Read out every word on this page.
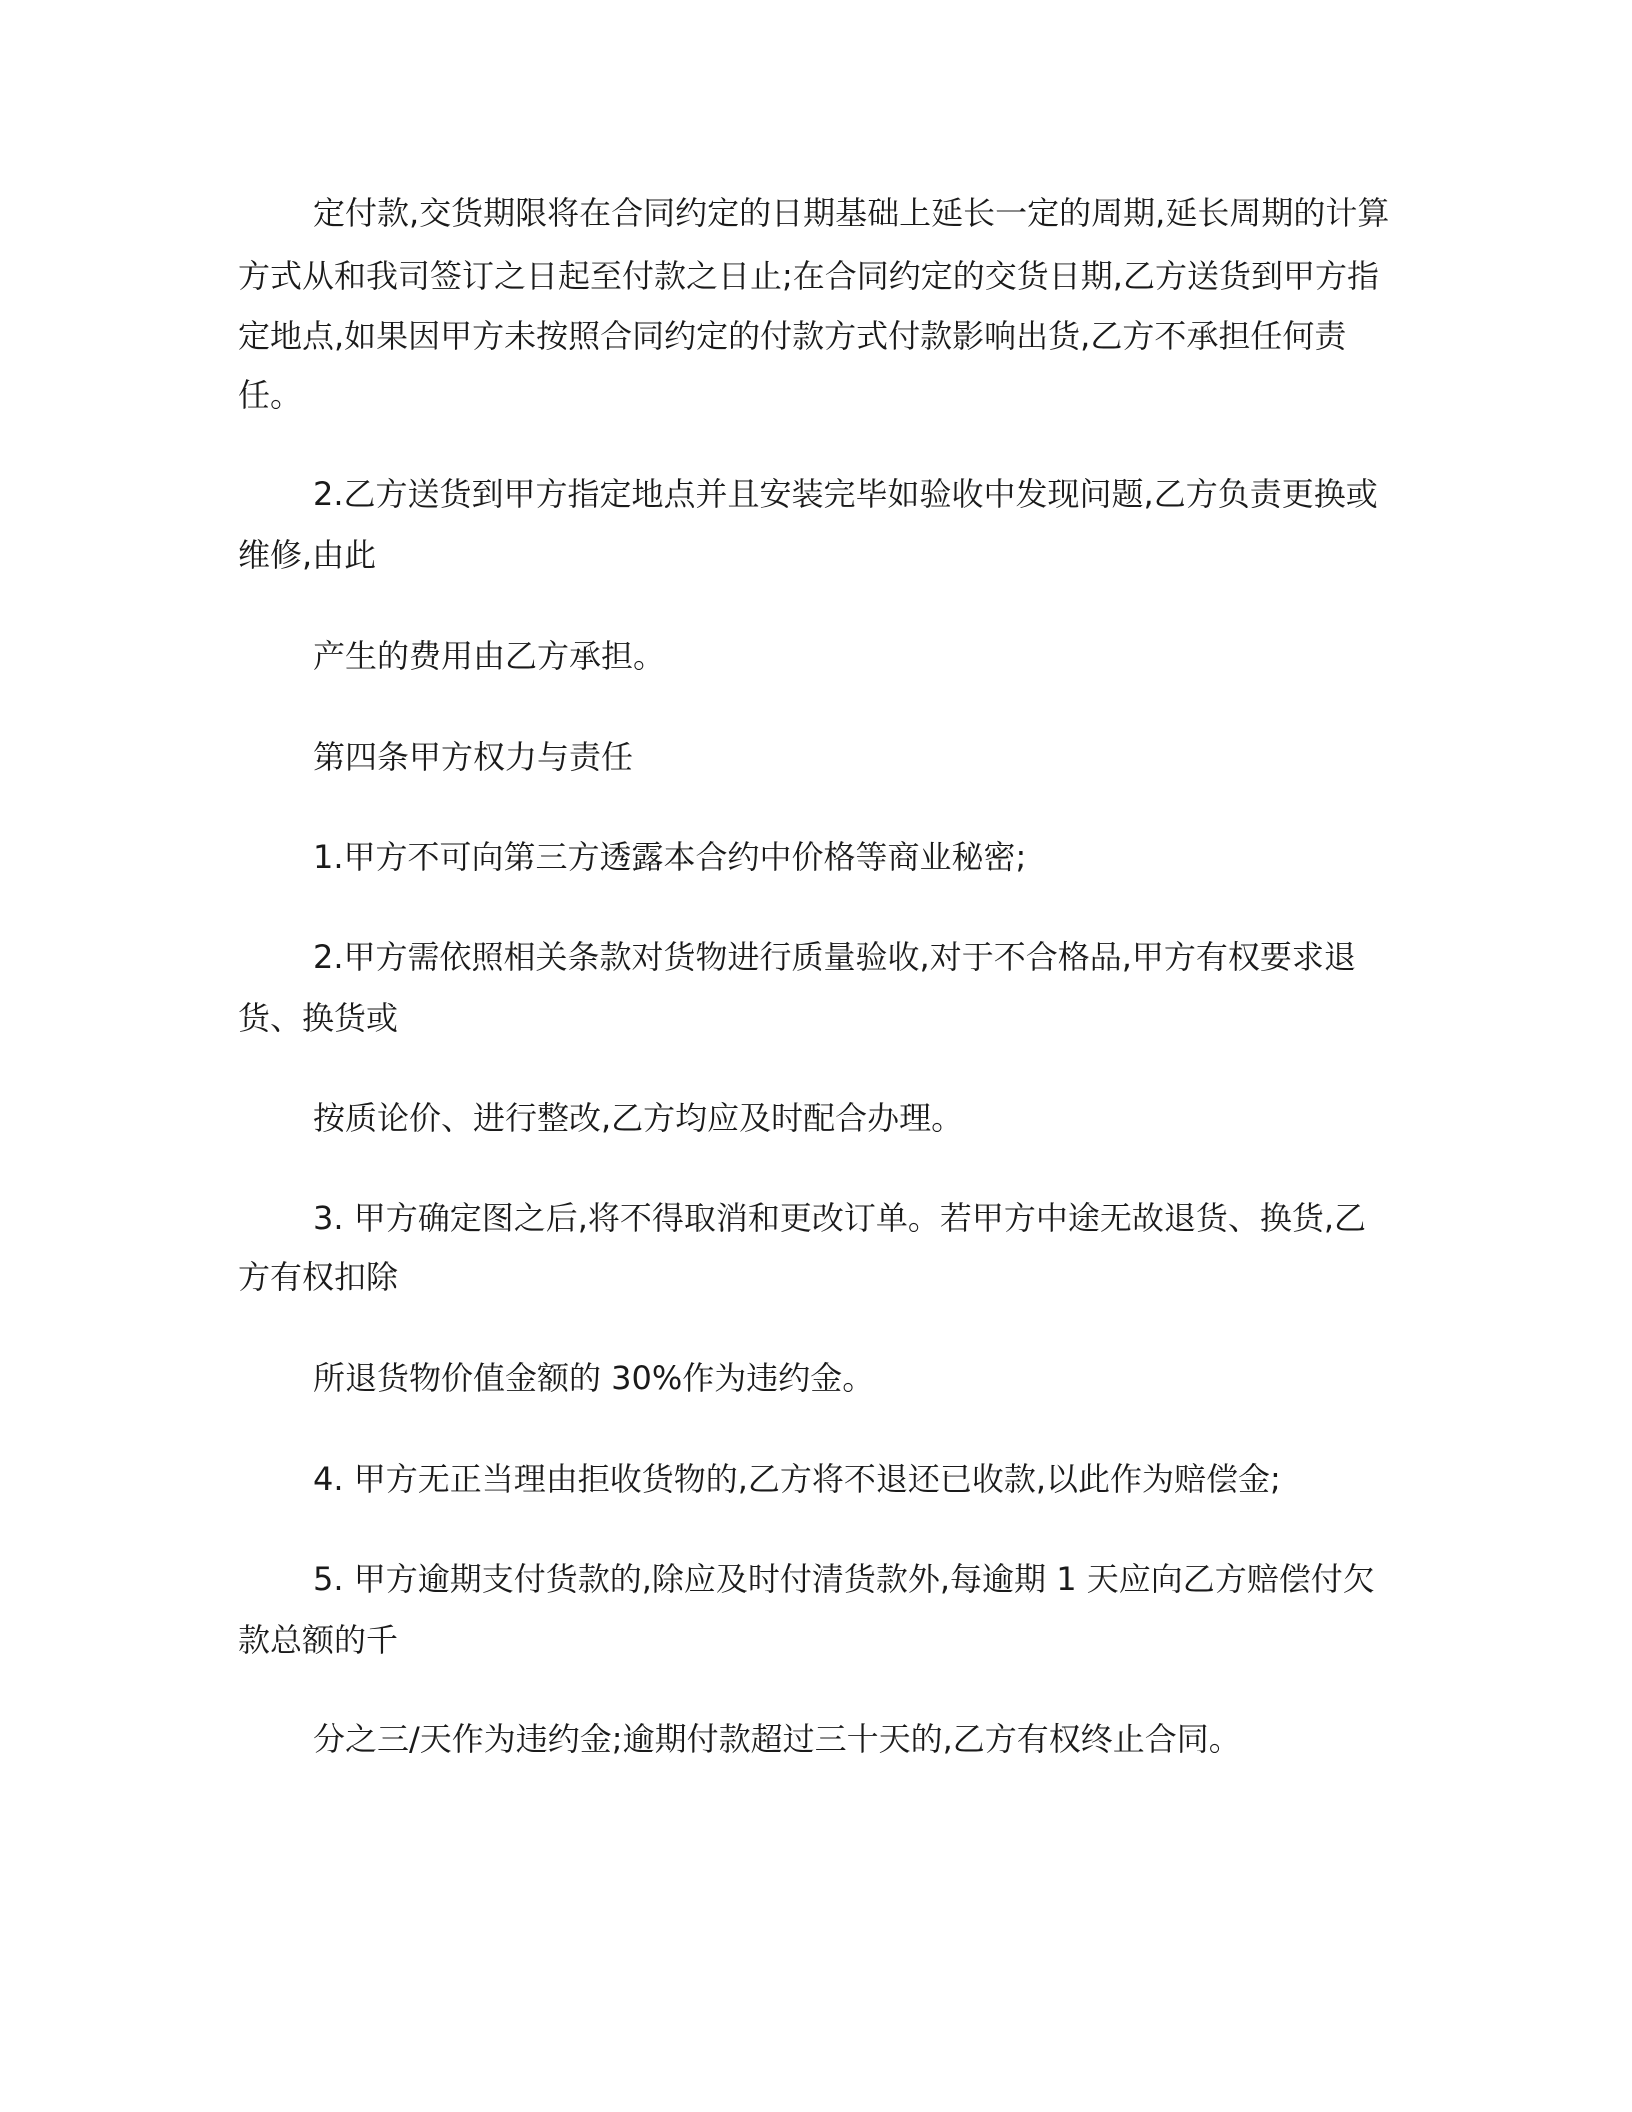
定付款,交货期限将在合同约定的日期基础上延长一定的周期,延长周期的计算

方式从和我司签订之日起至付款之日止;在合同约定的交货日期,乙方送货到甲方指

定地点,如果因甲方未按照合同约定的付款方式付款影响出货,乙方不承担任何责

任。

2.乙方送货到甲方指定地点并且安装完毕如验收中发现问题,乙方负责更换或

维修,由此

产生的费用由乙方承担。

第四条甲方权力与责任

1.甲方不可向第三方透露本合约中价格等商业秘密;

2.甲方需依照相关条款对货物进行质量验收,对于不合格品,甲方有权要求退

货、换货或

按质论价、进行整改,乙方均应及时配合办理。

3. 甲方确定图之后,将不得取消和更改订单。若甲方中途无故退货、换货,乙

方有权扣除

所退货物价值金额的 30%作为违约金。

4. 甲方无正当理由拒收货物的,乙方将不退还已收款,以此作为赔偿金;

5. 甲方逾期支付货款的,除应及时付清货款外,每逾期 1 天应向乙方赔偿付欠

款总额的千

分之三/天作为违约金;逾期付款超过三十天的,乙方有权终止合同。
